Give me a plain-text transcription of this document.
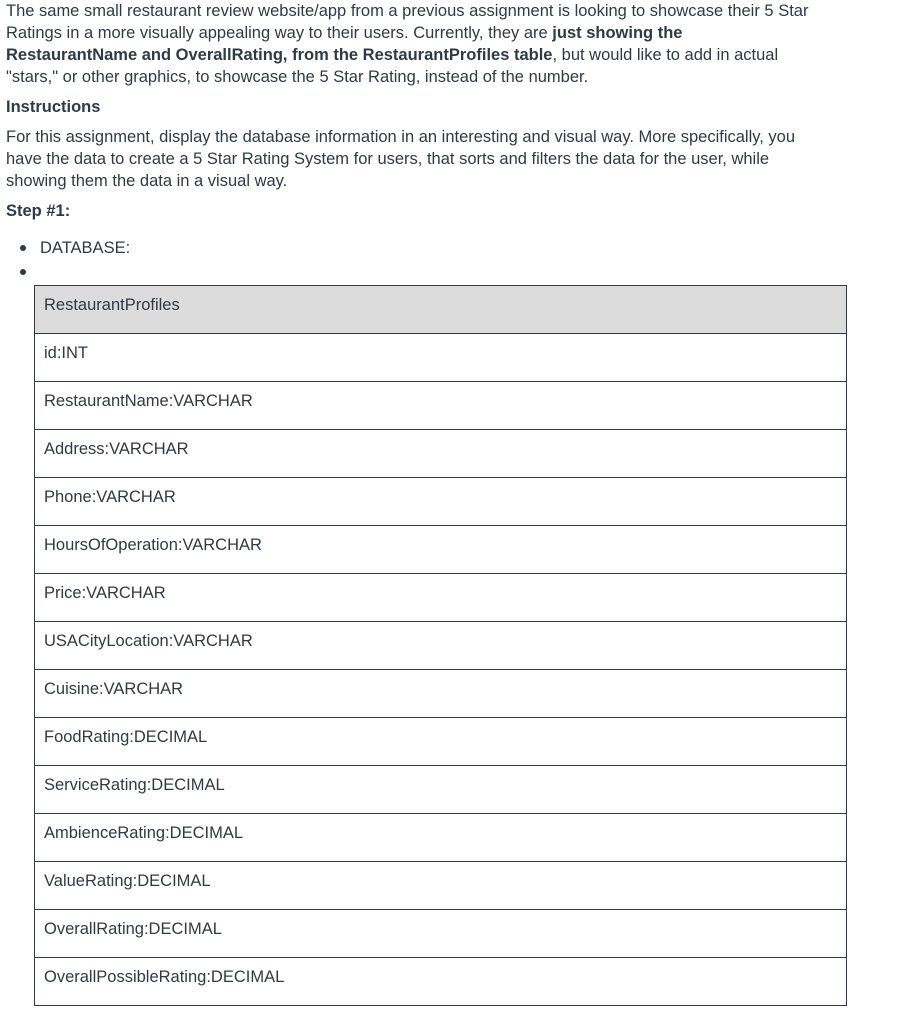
The same small restaurant review website/app from a previous assignment is looking to showcase their 5 Star Ratings in a more visually appealing way to their users. Currently, they are just showing the RestaurantName and OverallRating, from the RestaurantProfiles table, but would like to add in actual "stars," or other graphics, to showcase the 5 Star Rating, instead of the number.

Instructions

For this assignment, display the database information in an interesting and visual way. More specifically, you have the data to create a 5 Star Rating System for users, that sorts and filters the data for the user, while showing them the data in a visual way.

Step #1:

DATABASE:
RestaurantProfiles
id:INT
RestaurantName:VARCHAR
Address:VARCHAR
Phone:VARCHAR
HoursOfOperation:VARCHAR
Price:VARCHAR
USACityLocation:VARCHAR
Cuisine:VARCHAR
FoodRating:DECIMAL
ServiceRating:DECIMAL
AmbienceRating:DECIMAL
ValueRating:DECIMAL
OverallRating:DECIMAL
OverallPossibleRating:DECIMAL
